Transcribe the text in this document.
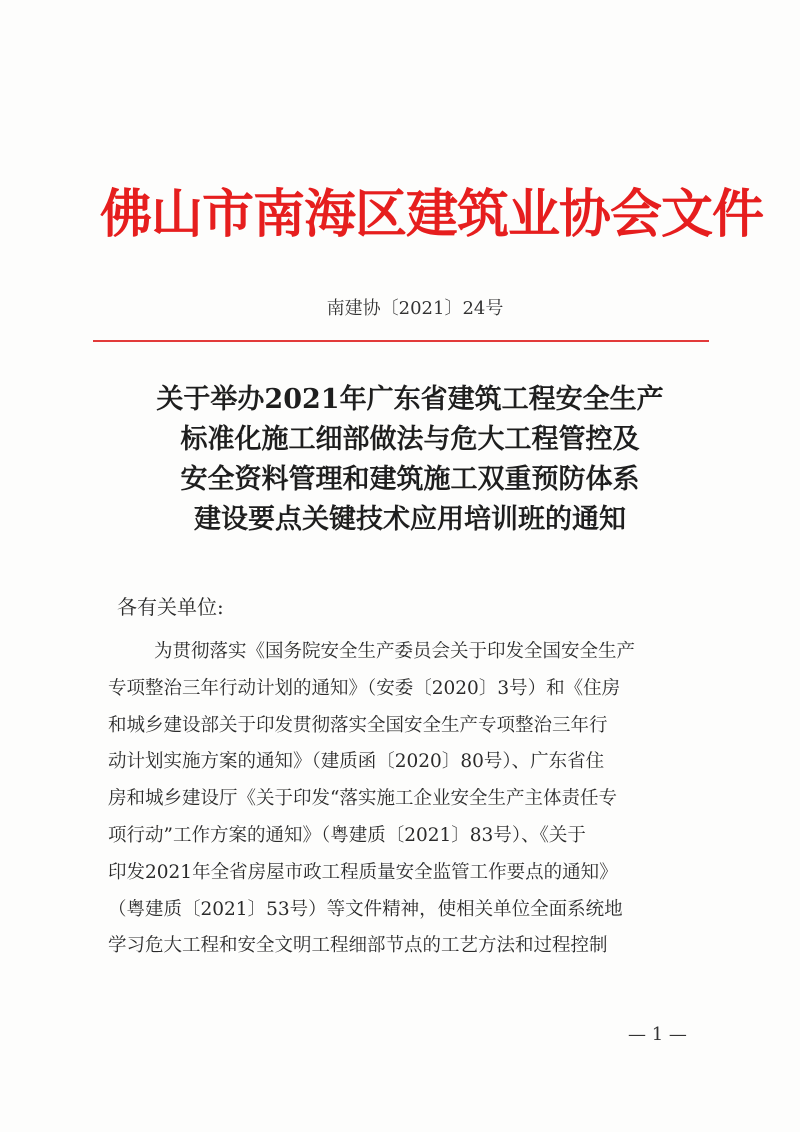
佛山市南海区建筑业协会文件
南建协〔2021〕24号
关于举办2021年广东省建筑工程安全生产
标准化施工细部做法与危大工程管控及
安全资料管理和建筑施工双重预防体系
建设要点关键技术应用培训班的通知
各有关单位:
为贯彻落实《国务院安全生产委员会关于印发全国安全生产
专项整治三年行动计划的通知》（安委〔2020〕3号）和《住房
和城乡建设部关于印发贯彻落实全国安全生产专项整治三年行
动计划实施方案的通知》（建质函〔2020〕80号）、广东省住
房和城乡建设厅《关于印发“落实施工企业安全生产主体责任专
项行动”工作方案的通知》（粤建质〔2021〕83号）、《关于
印发2021年全省房屋市政工程质量安全监管工作要点的通知》
（粤建质〔2021〕53号）等文件精神，使相关单位全面系统地
学习危大工程和安全文明工程细部节点的工艺方法和过程控制
— 1 —
